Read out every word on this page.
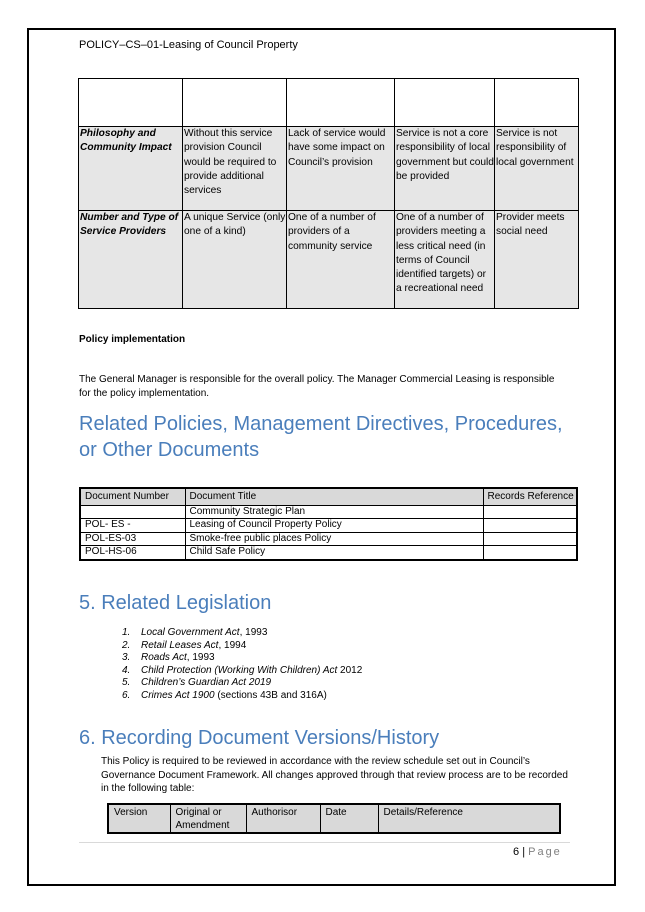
POLICY–CS–01-Leasing of Council Property

Philosophy and Community Impact	Without this service provision Council would be required to provide additional services	Lack of service would have some impact on Council’s provision	Service is not a core responsibility of local government but could be provided	Service is not responsibility of local government
Number and Type of Service Providers	A unique Service (only one of a kind)	One of a number of providers of a community service	One of a number of providers meeting a less critical need (in terms of Council identified targets) or a recreational need	Provider meets social need
Policy implementation
The General Manager is responsible for the overall policy. The Manager Commercial Leasing is responsible for the policy implementation.
Related Policies, Management Directives, Procedures, or Other Documents
Document Number	Document Title	Records Reference
	Community Strategic Plan	
POL- ES -	Leasing of Council Property Policy	
POL-ES-03	Smoke-free public places Policy	
POL-HS-06	Child Safe Policy	
5. Related Legislation
1. Local Government Act, 1993
2. Retail Leases Act, 1994
3. Roads Act, 1993
4. Child Protection (Working With Children) Act 2012
5. Children’s Guardian Act 2019
6. Crimes Act 1900 (sections 43B and 316A)
6. Recording Document Versions/History
This Policy is required to be reviewed in accordance with the review schedule set out in Council’s Governance Document Framework. All changes approved through that review process are to be recorded in the following table:
Version	Original or Amendment	Authorisor	Date	Details/Reference
6 | Page
